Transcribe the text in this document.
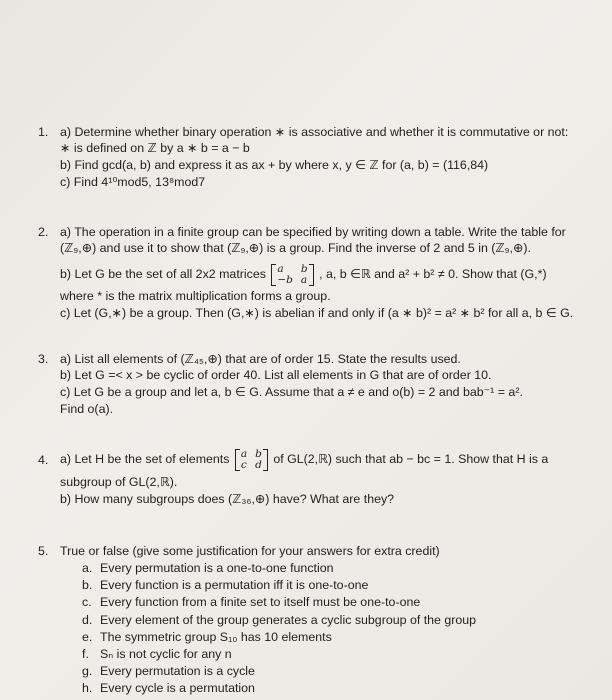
1. a) Determine whether binary operation ∗ is associative and whether it is commutative or not:
∗ is defined on ℤ by a ∗ b = a − b
b) Find gcd(a, b) and express it as ax + by where x, y ∈ ℤ for (a, b) = (116,84)
c) Find 4¹⁰mod5, 13⁸mod7
2. a) The operation in a finite group can be specified by writing down a table. Write the table for
(ℤ₉,⊕) and use it to show that (ℤ₉,⊕) is a group. Find the inverse of 2 and 5 in (ℤ₉,⊕).
b) Let G be the set of all 2x2 matrices a	b
−b a , a, b ∈ℝ and a² + b² ≠ 0. Show that (G,*)
where * is the matrix multiplication forms a group.
c) Let (G,∗) be a group. Then (G,∗) is abelian if and only if (a ∗ b)² = a² ∗ b² for all a, b ∈ G.
3. a) List all elements of (ℤ₄₅,⊕) that are of order 15. State the results used.
b) Let G =< x > be cyclic of order 40. List all elements in G that are of order 10.
c) Let G be a group and let a, b ∈ G. Assume that a ≠ e and o(b) = 2 and bab⁻¹ = a².
Find o(a).
4. a) Let H be the set of elements a b
c d of GL(2,ℝ) such that ab − bc = 1. Show that H is a
subgroup of GL(2,ℝ).
b) How many subgroups does (ℤ₃₆,⊕) have? What are they?
5. True or false (give some justification for your answers for extra credit)
a. Every permutation is a one-to-one function
b. Every function is a permutation iff it is one-to-one
c. Every function from a finite set to itself must be one-to-one
d. Every element of the group generates a cyclic subgroup of the group
e. The symmetric group S₁₀ has 10 elements
f. Sₙ is not cyclic for any n
g. Every permutation is a cycle
h. Every cycle is a permutation
